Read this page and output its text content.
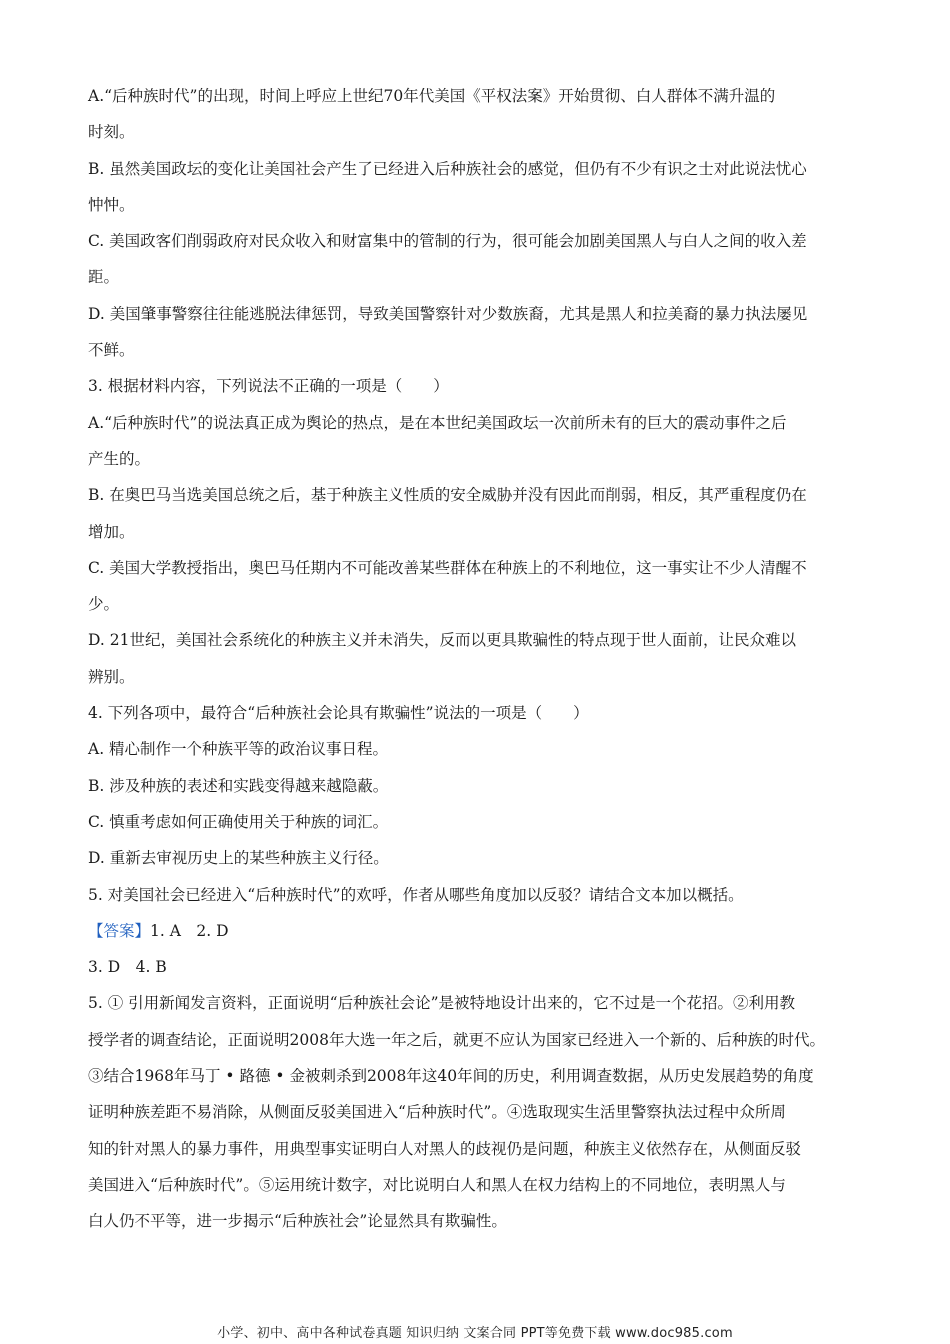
A.“后种族时代”的出现，时间上呼应上世纪70年代美国《平权法案》开始贯彻、白人群体不满升温的
时刻。
B. 虽然美国政坛的变化让美国社会产生了已经进入后种族社会的感觉，但仍有不少有识之士对此说法忧心
忡忡。
C. 美国政客们削弱政府对民众收入和财富集中的管制的行为，很可能会加剧美国黑人与白人之间的收入差
距。
D. 美国肇事警察往往能逃脱法律惩罚，导致美国警察针对少数族裔，尤其是黑人和拉美裔的暴力执法屡见
不鲜。
3. 根据材料内容，下列说法不正确的一项是（　　）
A.“后种族时代”的说法真正成为舆论的热点，是在本世纪美国政坛一次前所未有的巨大的震动事件之后
产生的。
B. 在奥巴马当选美国总统之后，基于种族主义性质的安全威胁并没有因此而削弱，相反，其严重程度仍在
增加。
C. 美国大学教授指出，奥巴马任期内不可能改善某些群体在种族上的不利地位，这一事实让不少人清醒不
少。
D. 21世纪，美国社会系统化的种族主义并未消失，反而以更具欺骗性的特点现于世人面前，让民众难以
辨别。
4. 下列各项中，最符合“后种族社会论具有欺骗性”说法的一项是（　　）
A. 精心制作一个种族平等的政治议事日程。
B. 涉及种族的表述和实践变得越来越隐蔽。
C. 慎重考虑如何正确使用关于种族的词汇。
D. 重新去审视历史上的某些种族主义行径。
5. 对美国社会已经进入“后种族时代”的欢呼，作者从哪些角度加以反驳？请结合文本加以概括。
【答案】1. A　2. D
3. D　4. B
5. ① 引用新闻发言资料，正面说明“后种族社会论”是被特地设计出来的，它不过是一个花招。②利用教
授学者的调查结论，正面说明2008年大选一年之后，就更不应认为国家已经进入一个新的、后种族的时代。
③结合1968年马丁 • 路德 • 金被刺杀到2008年这40年间的历史，利用调查数据，从历史发展趋势的角度
证明种族差距不易消除，从侧面反驳美国进入“后种族时代”。④选取现实生活里警察执法过程中众所周
知的针对黑人的暴力事件，用典型事实证明白人对黑人的歧视仍是问题，种族主义依然存在，从侧面反驳
美国进入“后种族时代”。⑤运用统计数字，对比说明白人和黑人在权力结构上的不同地位，表明黑人与
白人仍不平等，进一步揭示“后种族社会”论显然具有欺骗性。
小学、初中、高中各种试卷真题 知识归纳 文案合同 PPT等免费下载 www.doc985.com
